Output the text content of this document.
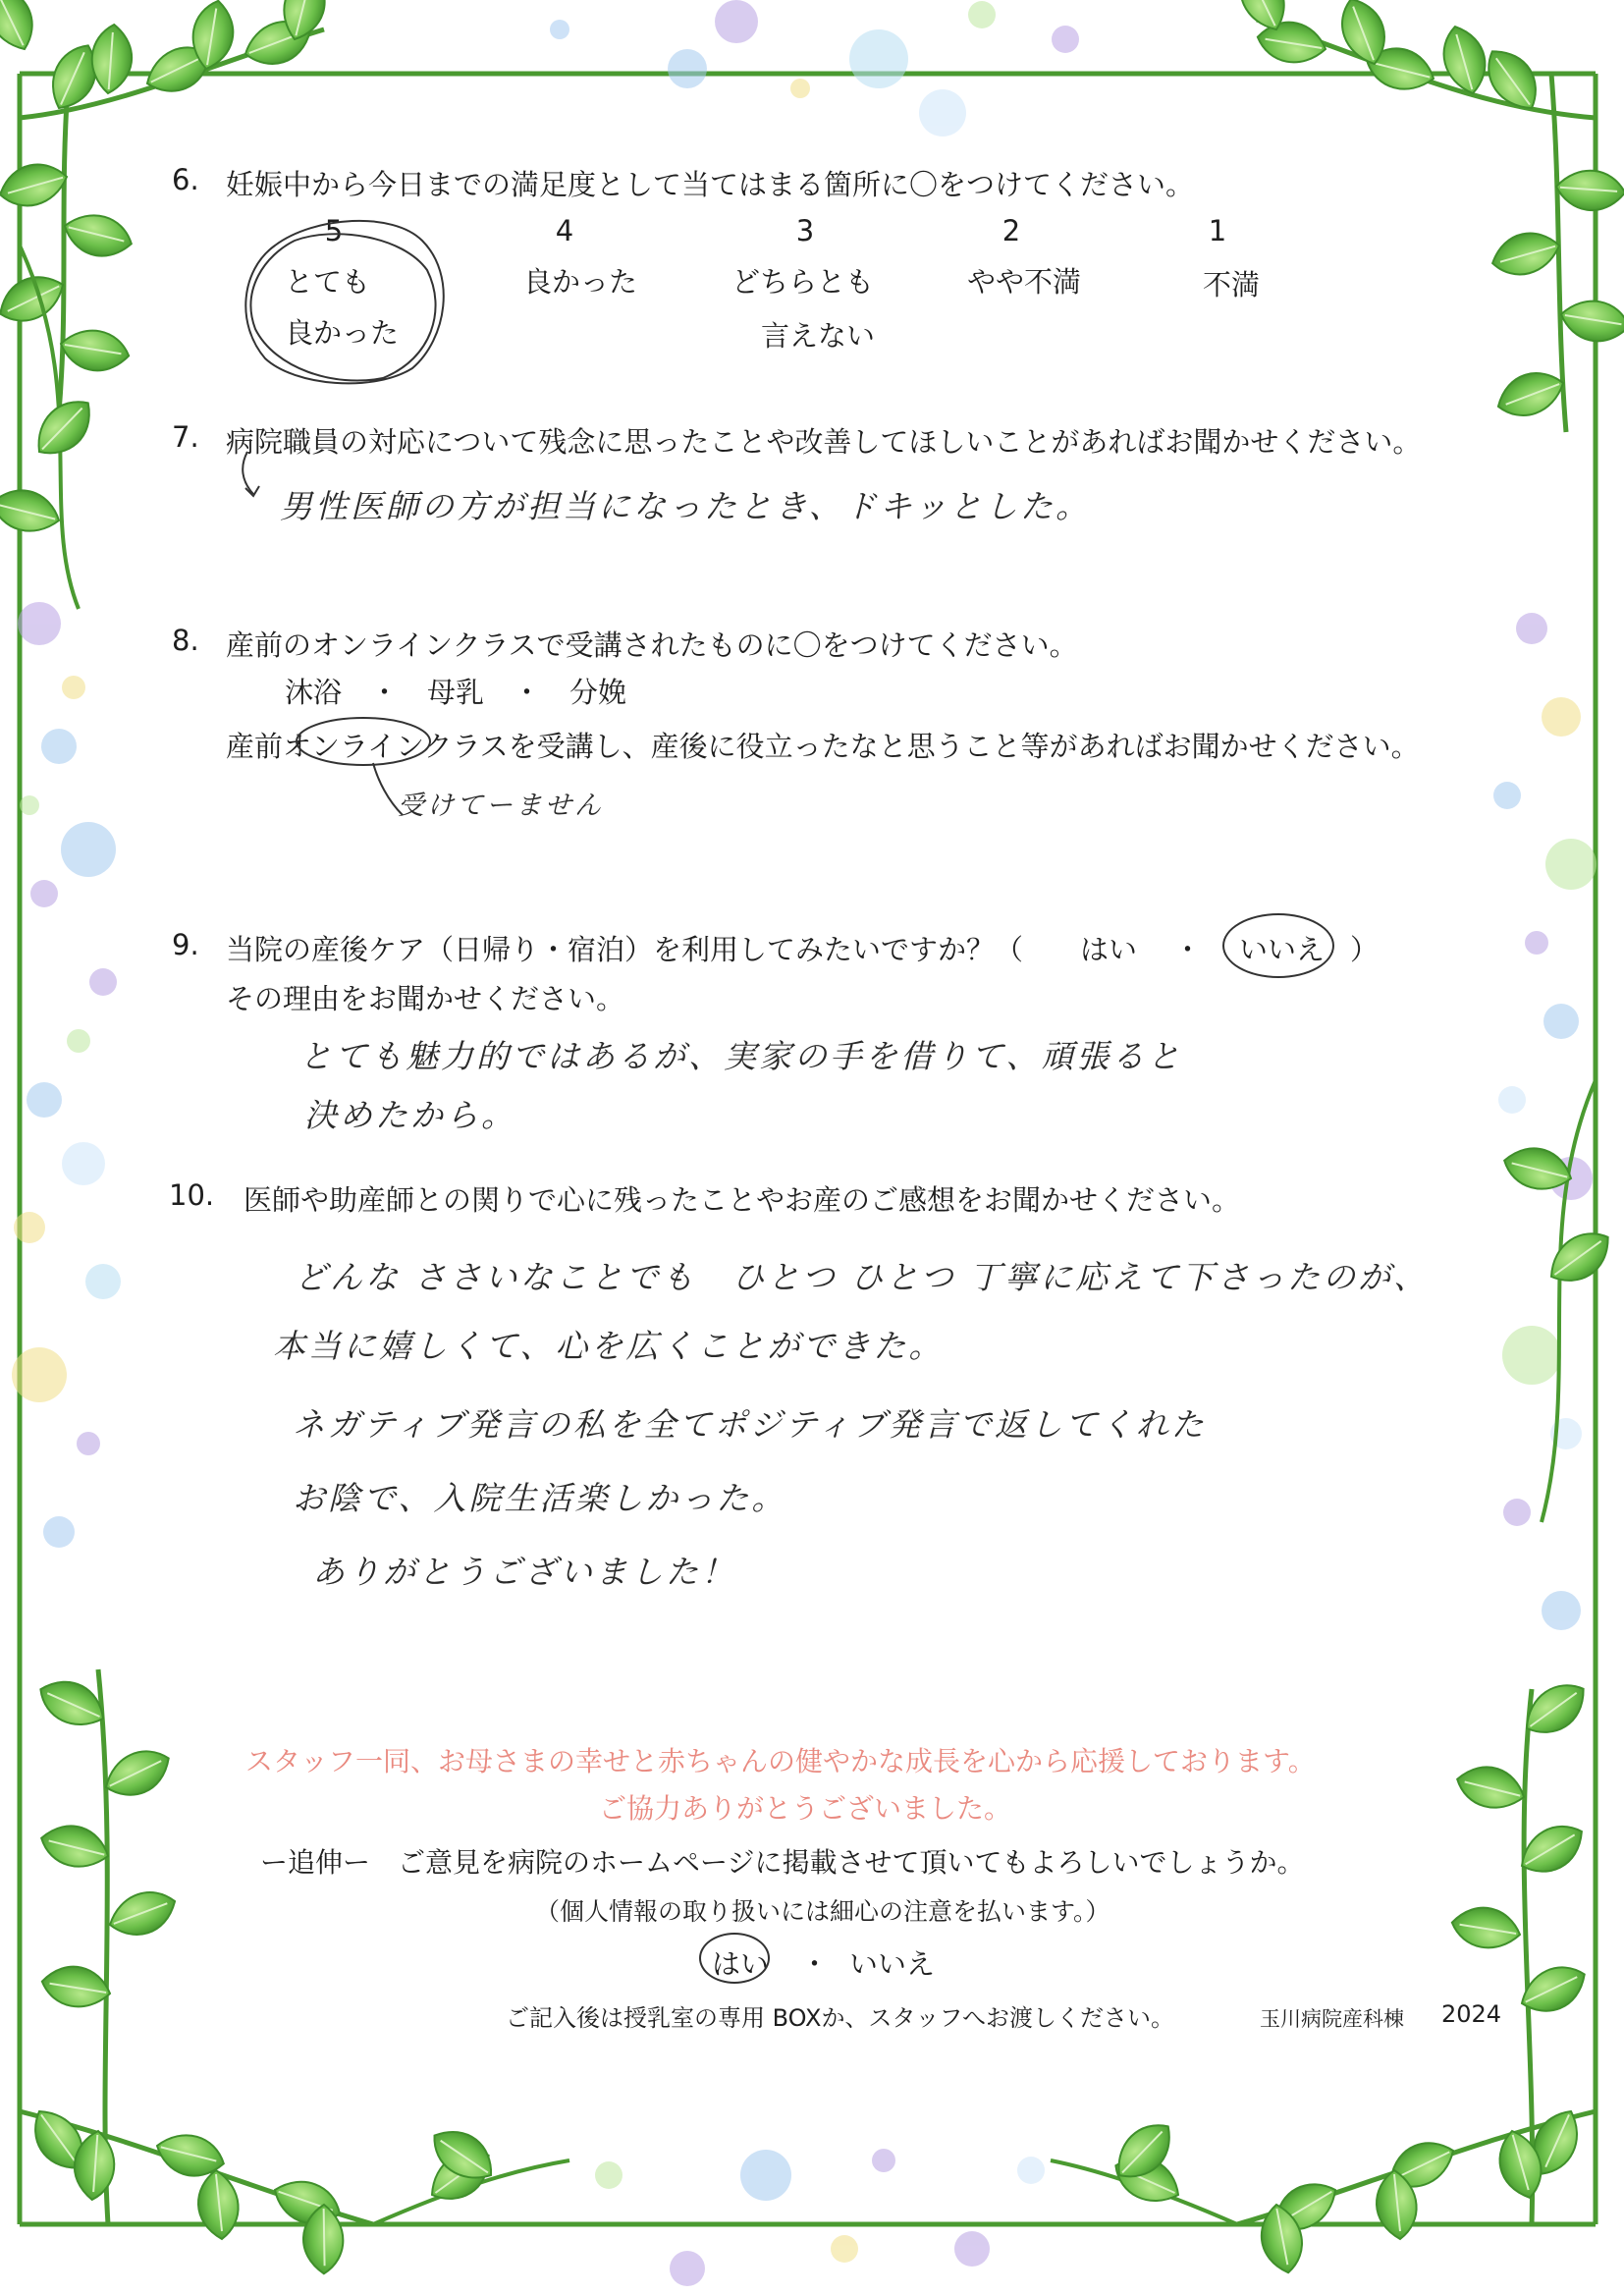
6. 妊娠中から今日までの満足度として当てはまる箇所に〇をつけてください。
5
とても
良かった
4
良かった
3
どちらとも
言えない
2
やや不満
1
不満
7. 病院職員の対応について残念に思ったことや改善してほしいことがあればお聞かせください。
男性医師の方が担当になったとき、ドキッとした。
8. 産前のオンラインクラスで受講されたものに〇をつけてください。
沐浴　・　母乳　・　分娩
産前オンラインクラスを受講し、産後に役立ったなと思うこと等があればお聞かせください。
受けてーません
9. 当院の産後ケア（日帰り・宿泊）を利用してみたいですか？（ はい ・ いいえ ）
その理由をお聞かせください。
とても魅力的ではあるが、実家の手を借りて、頑張ると
決めたから。
10. 医師や助産師との関りで心に残ったことやお産のご感想をお聞かせください。
どんな ささいなことでも　ひとつ ひとつ 丁寧に応えて下さったのが、
本当に嬉しくて、心を広くことができた。
ネガティブ発言の私を全てポジティブ発言で返してくれた
お陰で、入院生活楽しかった。
ありがとうございました！
スタッフ一同、お母さまの幸せと赤ちゃんの健やかな成長を心から応援しております。
ご協力ありがとうございました。
ー追伸ー　ご意見を病院のホームページに掲載させて頂いてもよろしいでしょうか。
（個人情報の取り扱いには細心の注意を払います。）
はい ・ いいえ
ご記入後は授乳室の専用 BOXか、スタッフへお渡しください。	玉川病院産科棟 2024
